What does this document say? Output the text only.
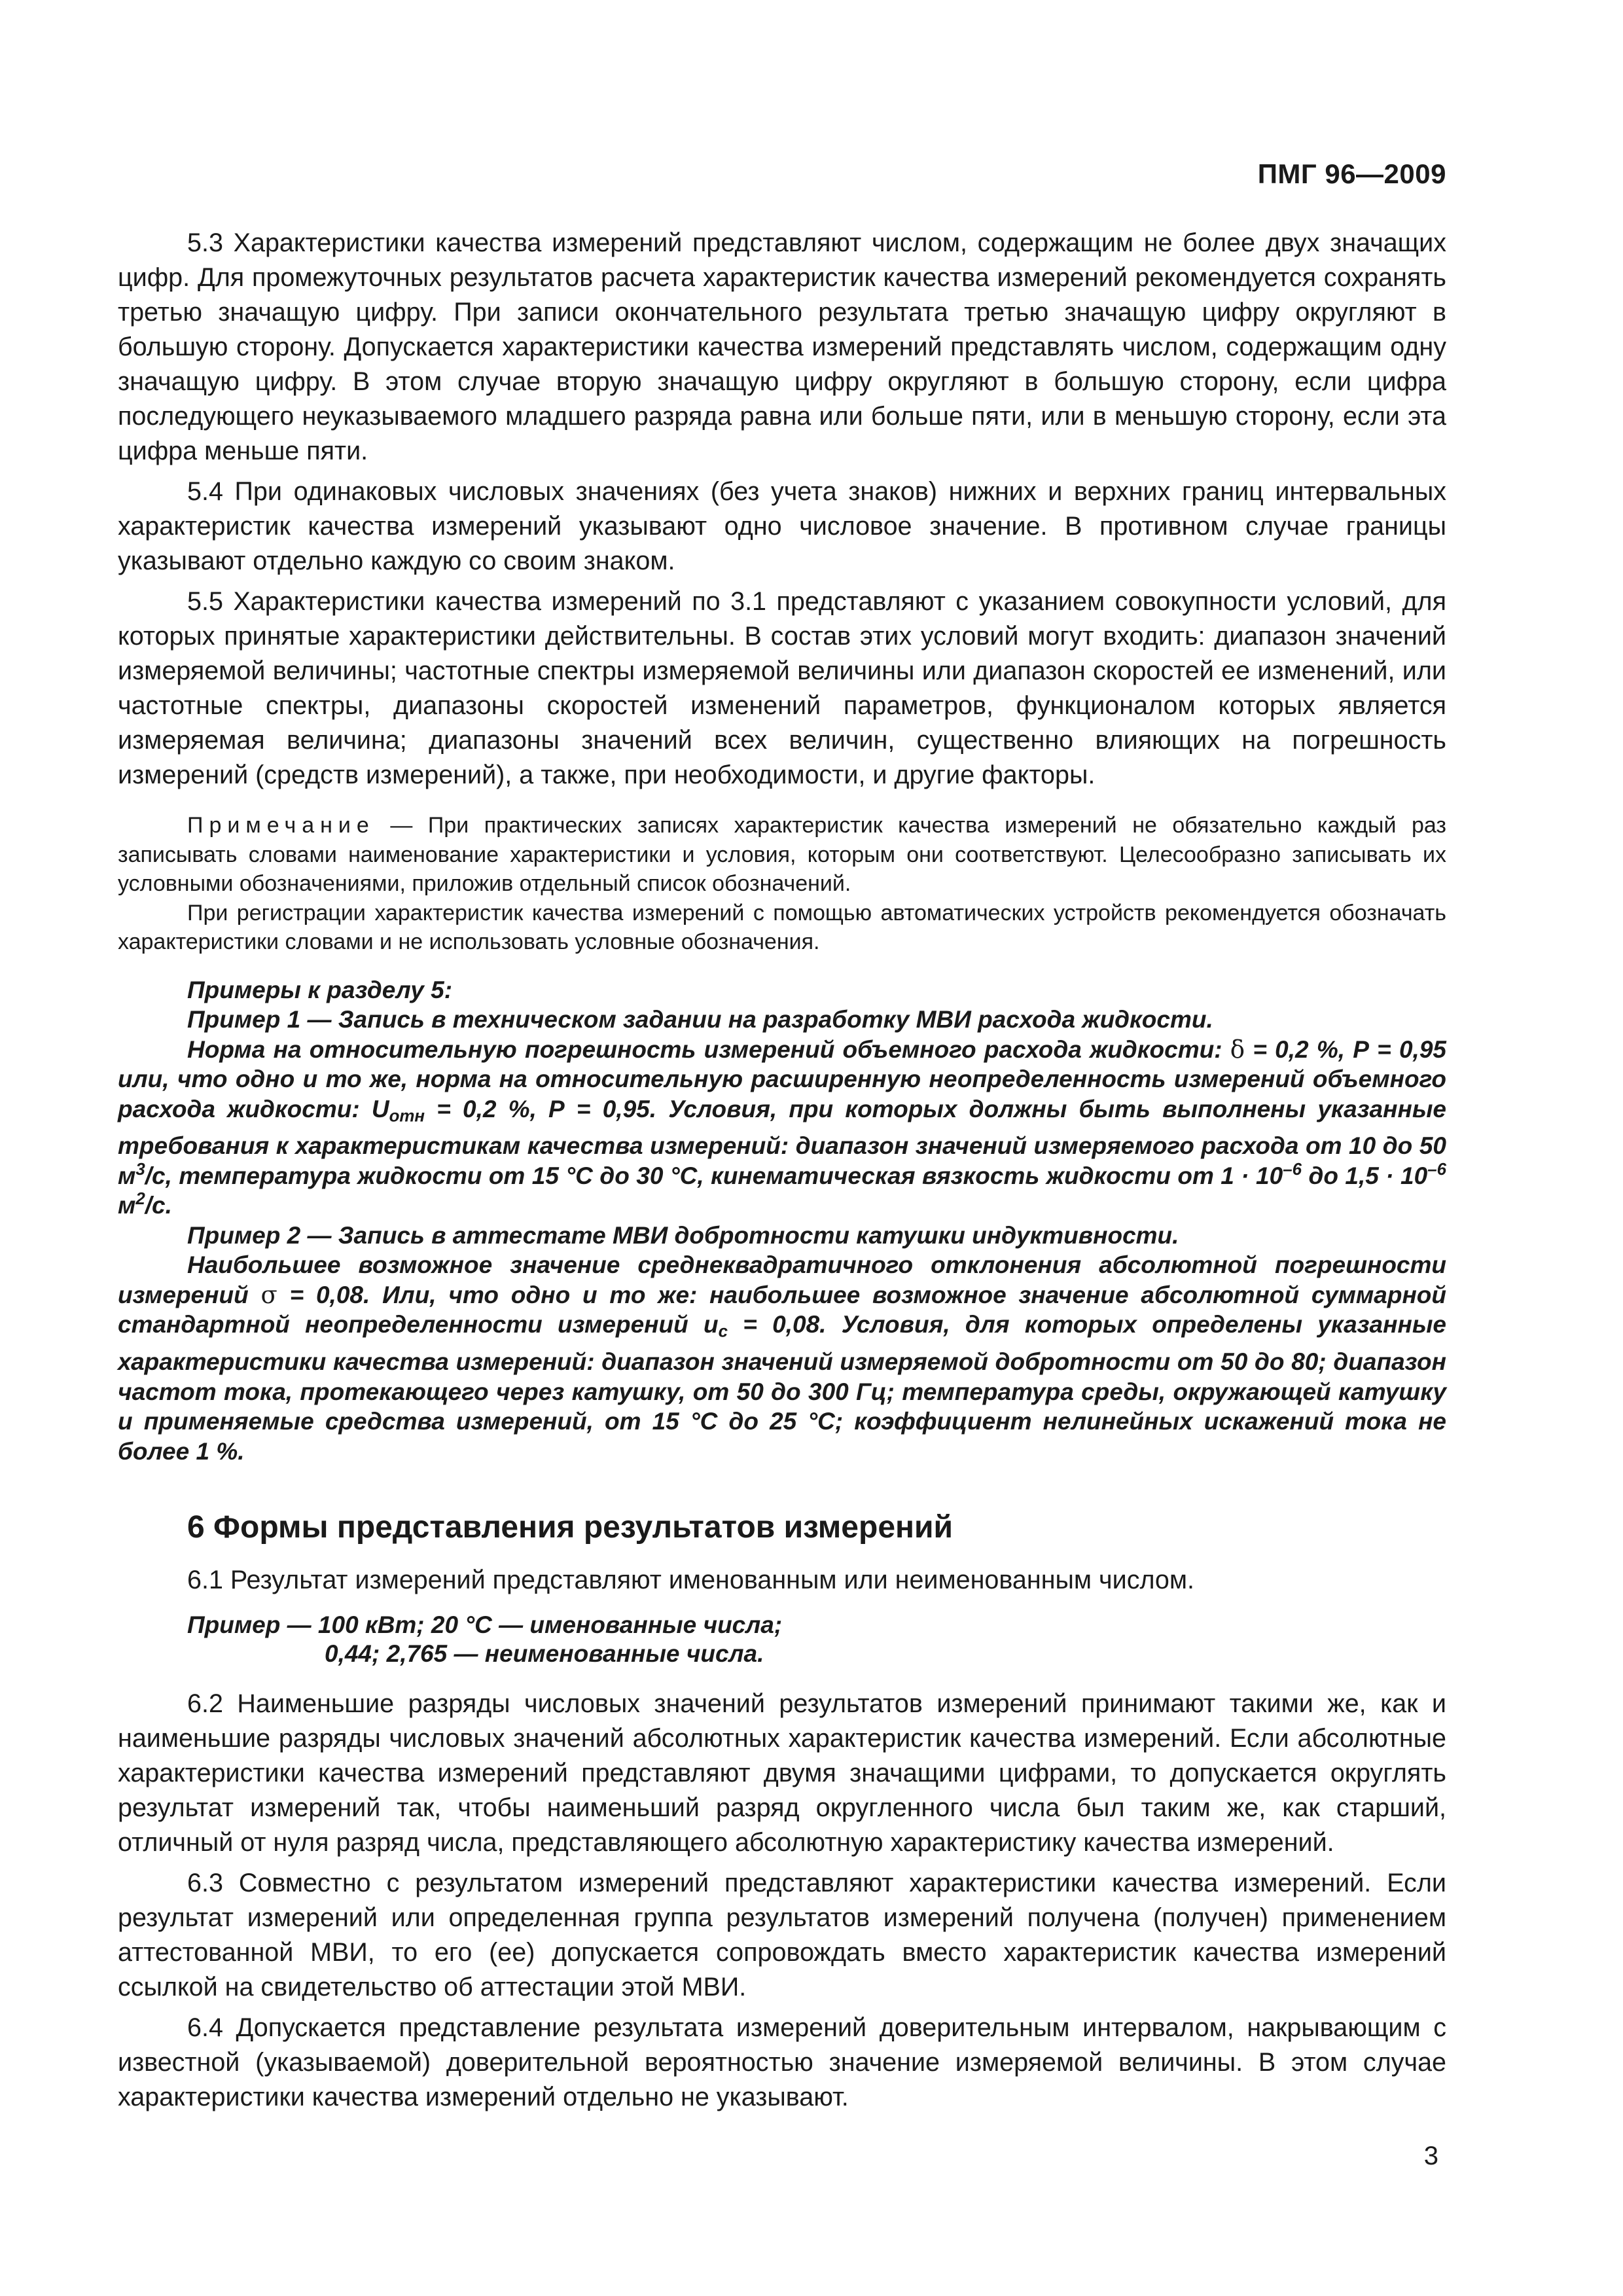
ПМГ 96—2009

5.3 Характеристики качества измерений представляют числом, содержащим не более двух значащих цифр. Для промежуточных результатов расчета характеристик качества измерений рекомендуется сохранять третью значащую цифру. При записи окончательного результата третью значащую цифру округляют в большую сторону. Допускается характеристики качества измерений представлять числом, содержащим одну значащую цифру. В этом случае вторую значащую цифру округляют в большую сторону, если цифра последующего неуказываемого младшего разряда равна или больше пяти, или в меньшую сторону, если эта цифра меньше пяти.

5.4 При одинаковых числовых значениях (без учета знаков) нижних и верхних границ интервальных характеристик качества измерений указывают одно числовое значение. В противном случае границы указывают отдельно каждую со своим знаком.

5.5 Характеристики качества измерений по 3.1 представляют с указанием совокупности условий, для которых принятые характеристики действительны. В состав этих условий могут входить: диапазон значений измеряемой величины; частотные спектры измеряемой величины или диапазон скоростей ее изменений, или частотные спектры, диапазоны скоростей изменений параметров, функционалом которых является измеряемая величина; диапазоны значений всех величин, существенно влияющих на погрешность измерений (средств измерений), а также, при необходимости, и другие факторы.

Примечание — При практических записях характеристик качества измерений не обязательно каждый раз записывать словами наименование характеристики и условия, которым они соответствуют. Целесообразно записывать их условными обозначениями, приложив отдельный список обозначений.

При регистрации характеристик качества измерений с помощью автоматических устройств рекомендуется обозначать характеристики словами и не использовать условные обозначения.

Примеры к разделу 5:

Пример 1 — Запись в техническом задании на разработку МВИ расхода жидкости.

Норма на относительную погрешность измерений объемного расхода жидкости: δ = 0,2 %, Р = 0,95 или, что одно и то же, норма на относительную расширенную неопределенность измерений объемного расхода жидкости: $U_{отн} = 0,2$ %, Р = 0,95. Условия, при которых должны быть выполнены указанные требования к характеристикам качества измерений: диапазон значений измеряемого расхода от 10 до 50 $м^3/с$, температура жидкости от 15 °С до 30 °С, кинематическая вязкость жидкости от $1 \cdot 10^{-6}$ до $1,5 \cdot 10^{-6}$ $м^2/с$.

Пример 2 — Запись в аттестате МВИ добротности катушки индуктивности.

Наибольшее возможное значение среднеквадратичного отклонения абсолютной погрешности измерений σ = 0,08. Или, что одно и то же: наибольшее возможное значение абсолютной суммарной стандартной неопределенности измерений $u_c = 0,08$. Условия, для которых определены указанные характеристики качества измерений: диапазон значений измеряемой добротности от 50 до 80; диапазон частот тока, протекающего через катушку, от 50 до 300 Гц; температура среды, окружающей катушку и применяемые средства измерений, от 15 °С до 25 °С; коэффициент нелинейных искажений тока не более 1 %.

6 Формы представления результатов измерений

6.1 Результат измерений представляют именованным или неименованным числом.

Пример — 100 кВт; 20 °С — именованные числа;
0,44; 2,765 — неименованные числа.

6.2 Наименьшие разряды числовых значений результатов измерений принимают такими же, как и наименьшие разряды числовых значений абсолютных характеристик качества измерений. Если абсолютные характеристики качества измерений представляют двумя значащими цифрами, то допускается округлять результат измерений так, чтобы наименьший разряд округленного числа был таким же, как старший, отличный от нуля разряд числа, представляющего абсолютную характеристику качества измерений.

6.3 Совместно с результатом измерений представляют характеристики качества измерений. Если результат измерений или определенная группа результатов измерений получена (получен) применением аттестованной МВИ, то его (ее) допускается сопровождать вместо характеристик качества измерений ссылкой на свидетельство об аттестации этой МВИ.

6.4 Допускается представление результата измерений доверительным интервалом, накрывающим с известной (указываемой) доверительной вероятностью значение измеряемой величины. В этом случае характеристики качества измерений отдельно не указывают.

3
